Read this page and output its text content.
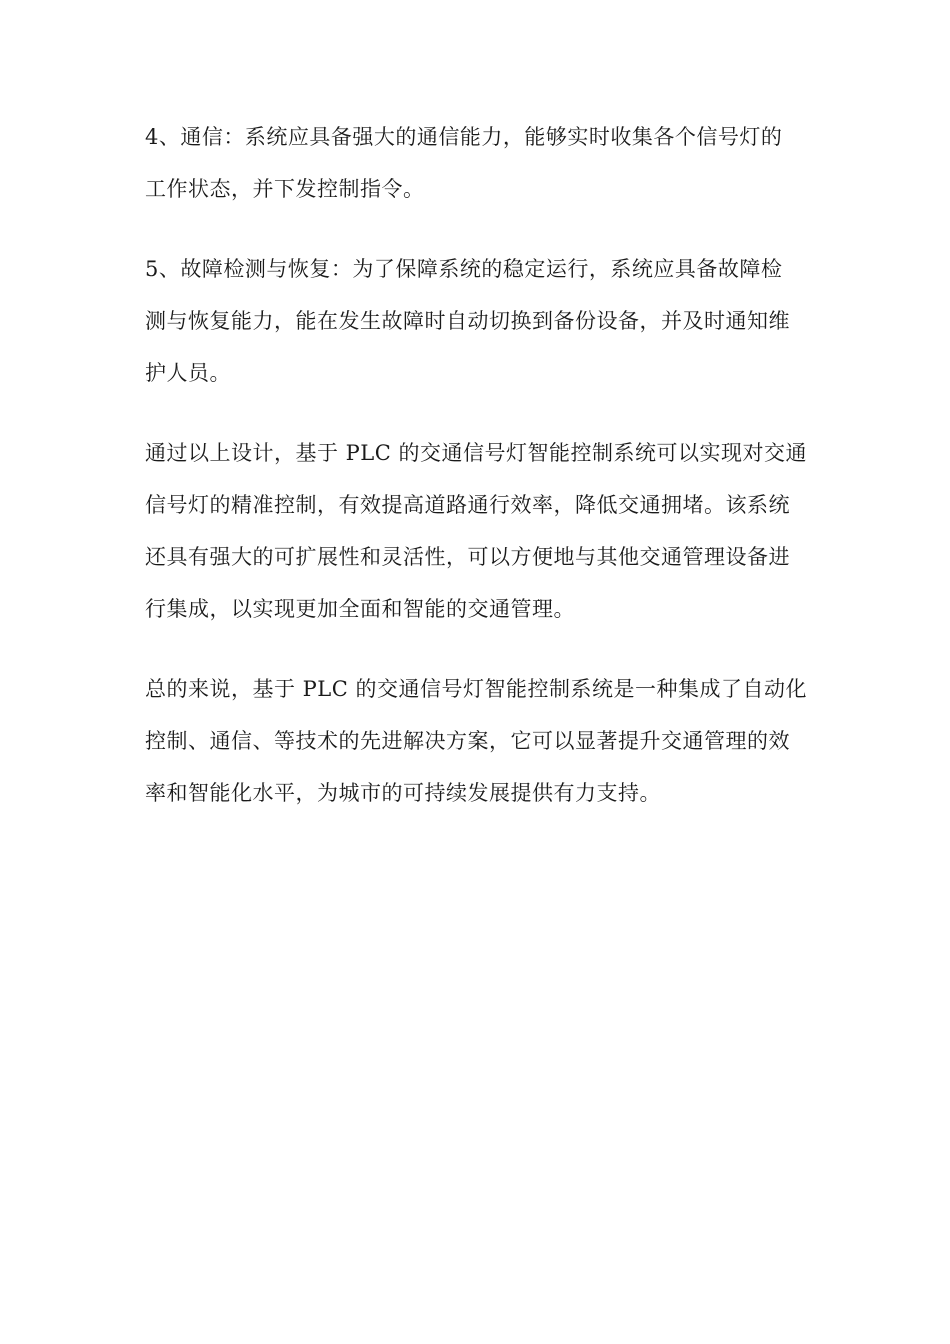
4、通信：系统应具备强大的通信能力，能够实时收集各个信号灯的
工作状态，并下发控制指令。

5、故障检测与恢复：为了保障系统的稳定运行，系统应具备故障检
测与恢复能力，能在发生故障时自动切换到备份设备，并及时通知维
护人员。

通过以上设计，基于 PLC 的交通信号灯智能控制系统可以实现对交通
信号灯的精准控制，有效提高道路通行效率，降低交通拥堵。该系统
还具有强大的可扩展性和灵活性，可以方便地与其他交通管理设备进
行集成，以实现更加全面和智能的交通管理。

总的来说，基于 PLC 的交通信号灯智能控制系统是一种集成了自动化
控制、通信、等技术的先进解决方案，它可以显著提升交通管理的效
率和智能化水平，为城市的可持续发展提供有力支持。
